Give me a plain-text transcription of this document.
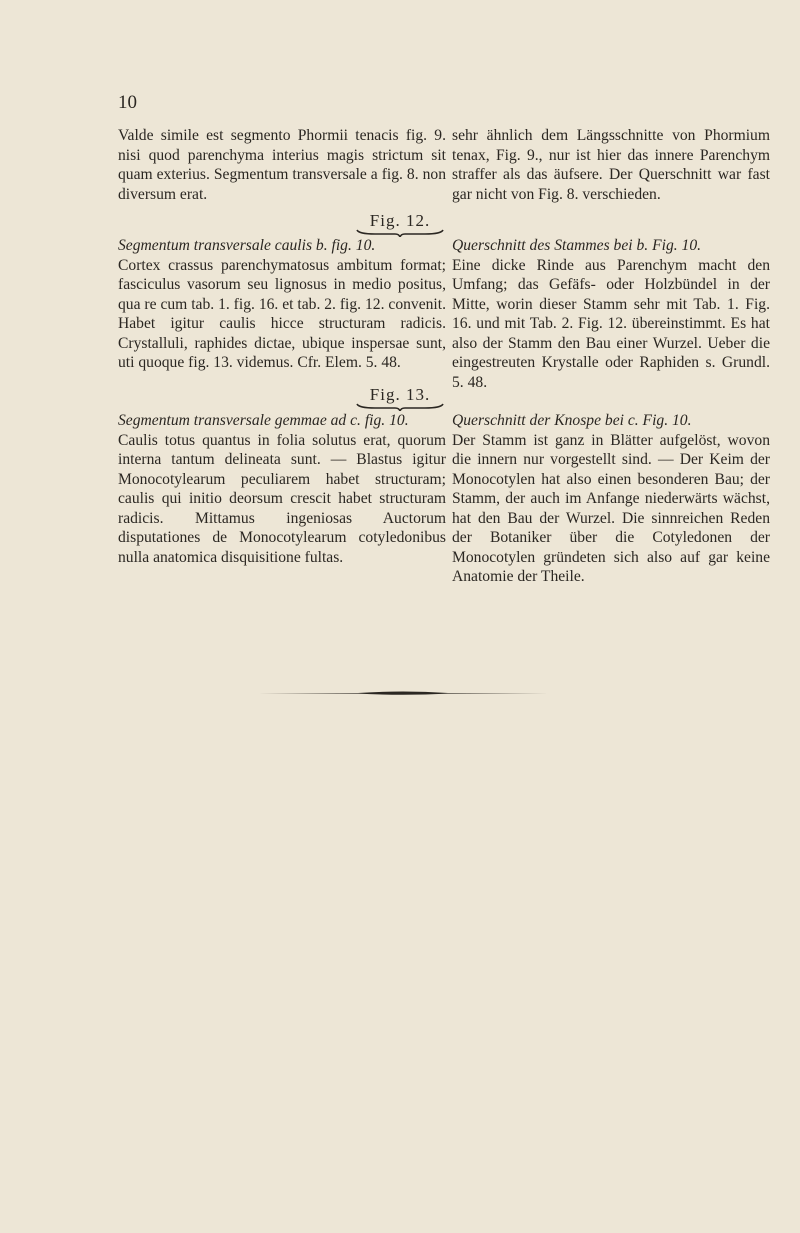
10

Valde simile est segmento Phormii tenacis fig. 9. nisi quod parenchyma interius magis strictum sit quam exterius. Segmentum transversale a fig. 8. non diversum erat.

sehr ähnlich dem Längsschnitte von Phormium tenax, Fig. 9., nur ist hier das innere Parenchym straffer als das äufsere. Der Querschnitt war fast gar nicht von Fig. 8. verschieden.

Fig. 12.

Segmentum transversale caulis b. fig. 10.

Cortex crassus parenchymatosus ambitum format; fasciculus vasorum seu lignosus in medio positus, qua re cum tab. 1. fig. 16. et tab. 2. fig. 12. convenit. Habet igitur caulis hicce structuram radicis. Crystalluli, raphides dictae, ubique inspersae sunt, uti quoque fig. 13. videmus. Cfr. Elem. 5. 48.

Querschnitt des Stammes bei b. Fig. 10.

Eine dicke Rinde aus Parenchym macht den Umfang; das Gefäfs- oder Holzbündel in der Mitte, worin dieser Stamm sehr mit Tab. 1. Fig. 16. und mit Tab. 2. Fig. 12. übereinstimmt. Es hat also der Stamm den Bau einer Wurzel. Ueber die eingestreuten Krystalle oder Raphiden s. Grundl. 5. 48.

Fig. 13.

Segmentum transversale gemmae ad c. fig. 10.

Caulis totus quantus in folia solutus erat, quorum interna tantum delineata sunt. — Blastus igitur Monocotylearum peculiarem habet structuram; caulis qui initio deorsum crescit habet structuram radicis. Mittamus ingeniosas Auctorum disputationes de Monocotylearum cotyledonibus nulla anatomica disquisitione fultas.

Querschnitt der Knospe bei c. Fig. 10.

Der Stamm ist ganz in Blätter aufgelöst, wovon die innern nur vorgestellt sind. — Der Keim der Monocotylen hat also einen besonderen Bau; der Stamm, der auch im Anfange niederwärts wächst, hat den Bau der Wurzel. Die sinnreichen Reden der Botaniker über die Cotyledonen der Monocotylen gründeten sich also auf gar keine Anatomie der Theile.
